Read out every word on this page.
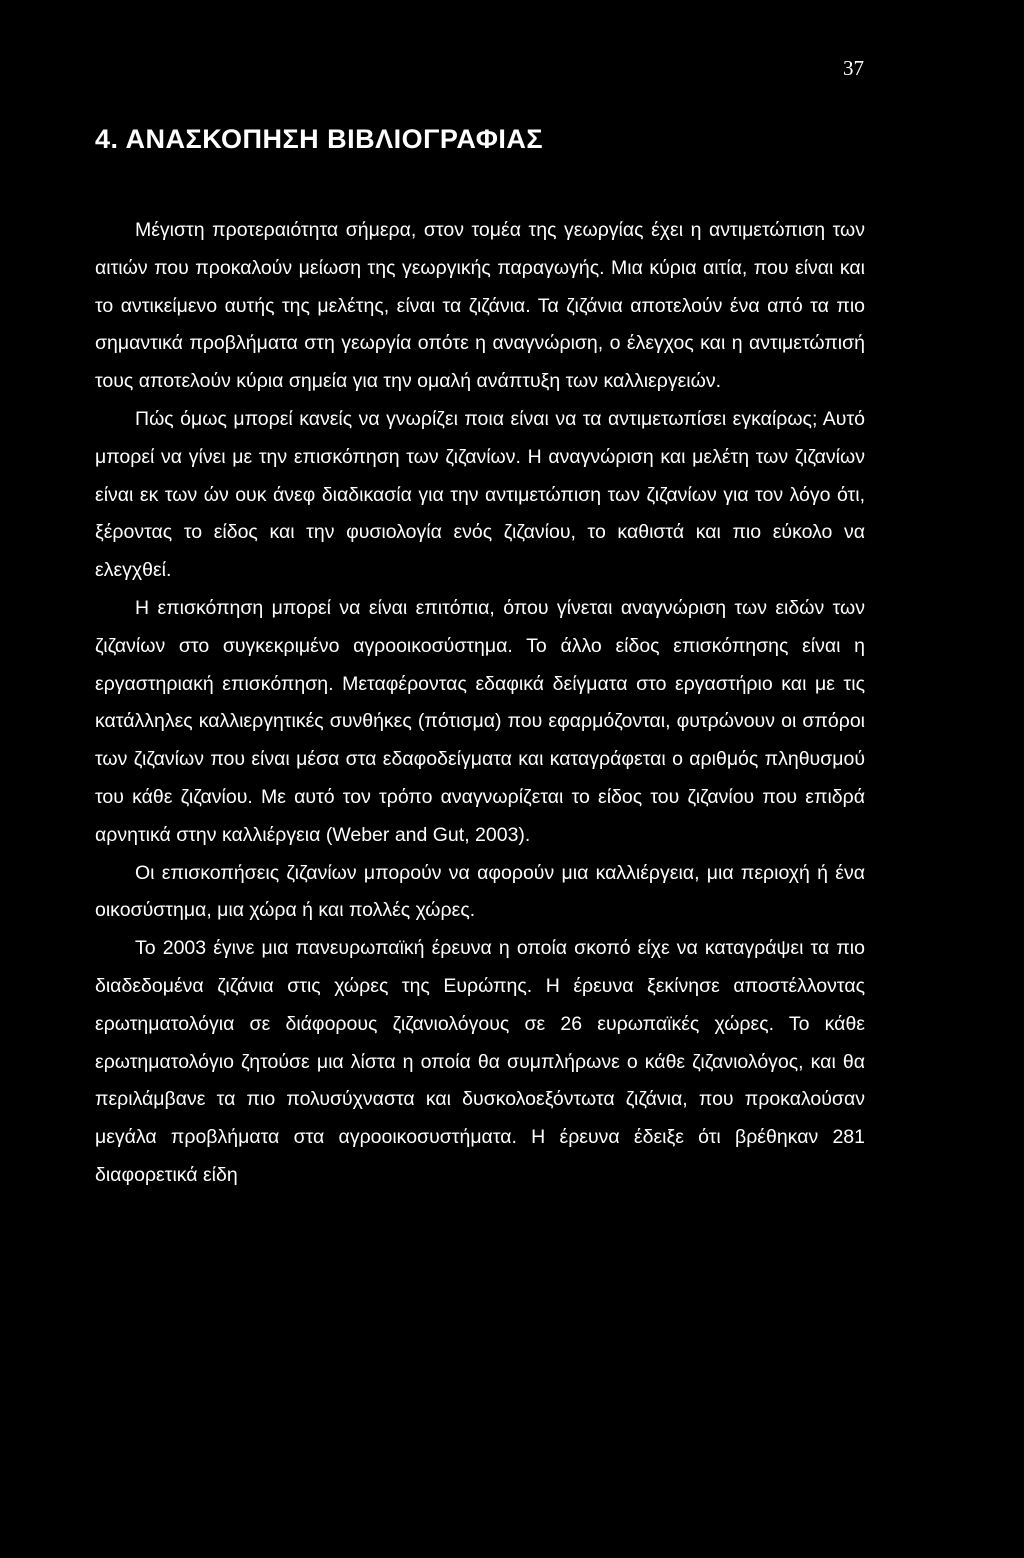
37
4. ΑΝΑΣΚΟΠΗΣΗ ΒΙΒΛΙΟΓΡΑΦΙΑΣ

Μέγιστη προτεραιότητα σήμερα, στον τομέα της γεωργίας έχει η αντιμετώπιση των αιτιών που προκαλούν μείωση της γεωργικής παραγωγής. Μια κύρια αιτία, που είναι και το αντικείμενο αυτής της μελέτης, είναι τα ζιζάνια. Τα ζιζάνια αποτελούν ένα από τα πιο σημαντικά προβλήματα στη γεωργία οπότε η αναγνώριση, ο έλεγχος και η αντιμετώπισή τους αποτελούν κύρια σημεία για την ομαλή ανάπτυξη των καλλιεργειών.

Πώς όμως μπορεί κανείς να γνωρίζει ποια είναι να τα αντιμετωπίσει εγκαίρως; Αυτό μπορεί να γίνει με την επισκόπηση των ζιζανίων. Η αναγνώριση και μελέτη των ζιζανίων είναι εκ των ών ουκ άνεφ διαδικασία για την αντιμετώπιση των ζιζανίων για τον λόγο ότι, ξέροντας το είδος και την φυσιολογία ενός ζιζανίου, το καθιστά και πιο εύκολο να ελεγχθεί.

Η επισκόπηση μπορεί να είναι επιτόπια, όπου γίνεται αναγνώριση των ειδών των ζιζανίων στο συγκεκριμένο αγροοικοσύστημα. Το άλλο είδος επισκόπησης είναι η εργαστηριακή επισκόπηση. Μεταφέροντας εδαφικά δείγματα στο εργαστήριο και με τις κατάλληλες καλλιεργητικές συνθήκες (πότισμα) που εφαρμόζονται, φυτρώνουν οι σπόροι των ζιζανίων που είναι μέσα στα εδαφοδείγματα και καταγράφεται ο αριθμός πληθυσμού του κάθε ζιζανίου. Με αυτό τον τρόπο αναγνωρίζεται το είδος του ζιζανίου που επιδρά αρνητικά στην καλλιέργεια (Weber and Gut, 2003).

Οι επισκοπήσεις ζιζανίων μπορούν να αφορούν μια καλλιέργεια, μια περιοχή ή ένα οικοσύστημα, μια χώρα ή και πολλές χώρες.

Το 2003 έγινε μια πανευρωπαϊκή έρευνα η οποία σκοπό είχε να καταγράψει τα πιο διαδεδομένα ζιζάνια στις χώρες της Ευρώπης. Η έρευνα ξεκίνησε αποστέλλοντας ερωτηματολόγια σε διάφορους ζιζανιολόγους σε 26 ευρωπαϊκές χώρες. Το κάθε ερωτηματολόγιο ζητούσε μια λίστα η οποία θα συμπλήρωνε ο κάθε ζιζανιολόγος, και θα περιλάμβανε τα πιο πολυσύχναστα και δυσκολοεξόντωτα ζιζάνια, που προκαλούσαν μεγάλα προβλήματα στα αγροοικοσυστήματα. Η έρευνα έδειξε ότι βρέθηκαν 281 διαφορετικά είδη
